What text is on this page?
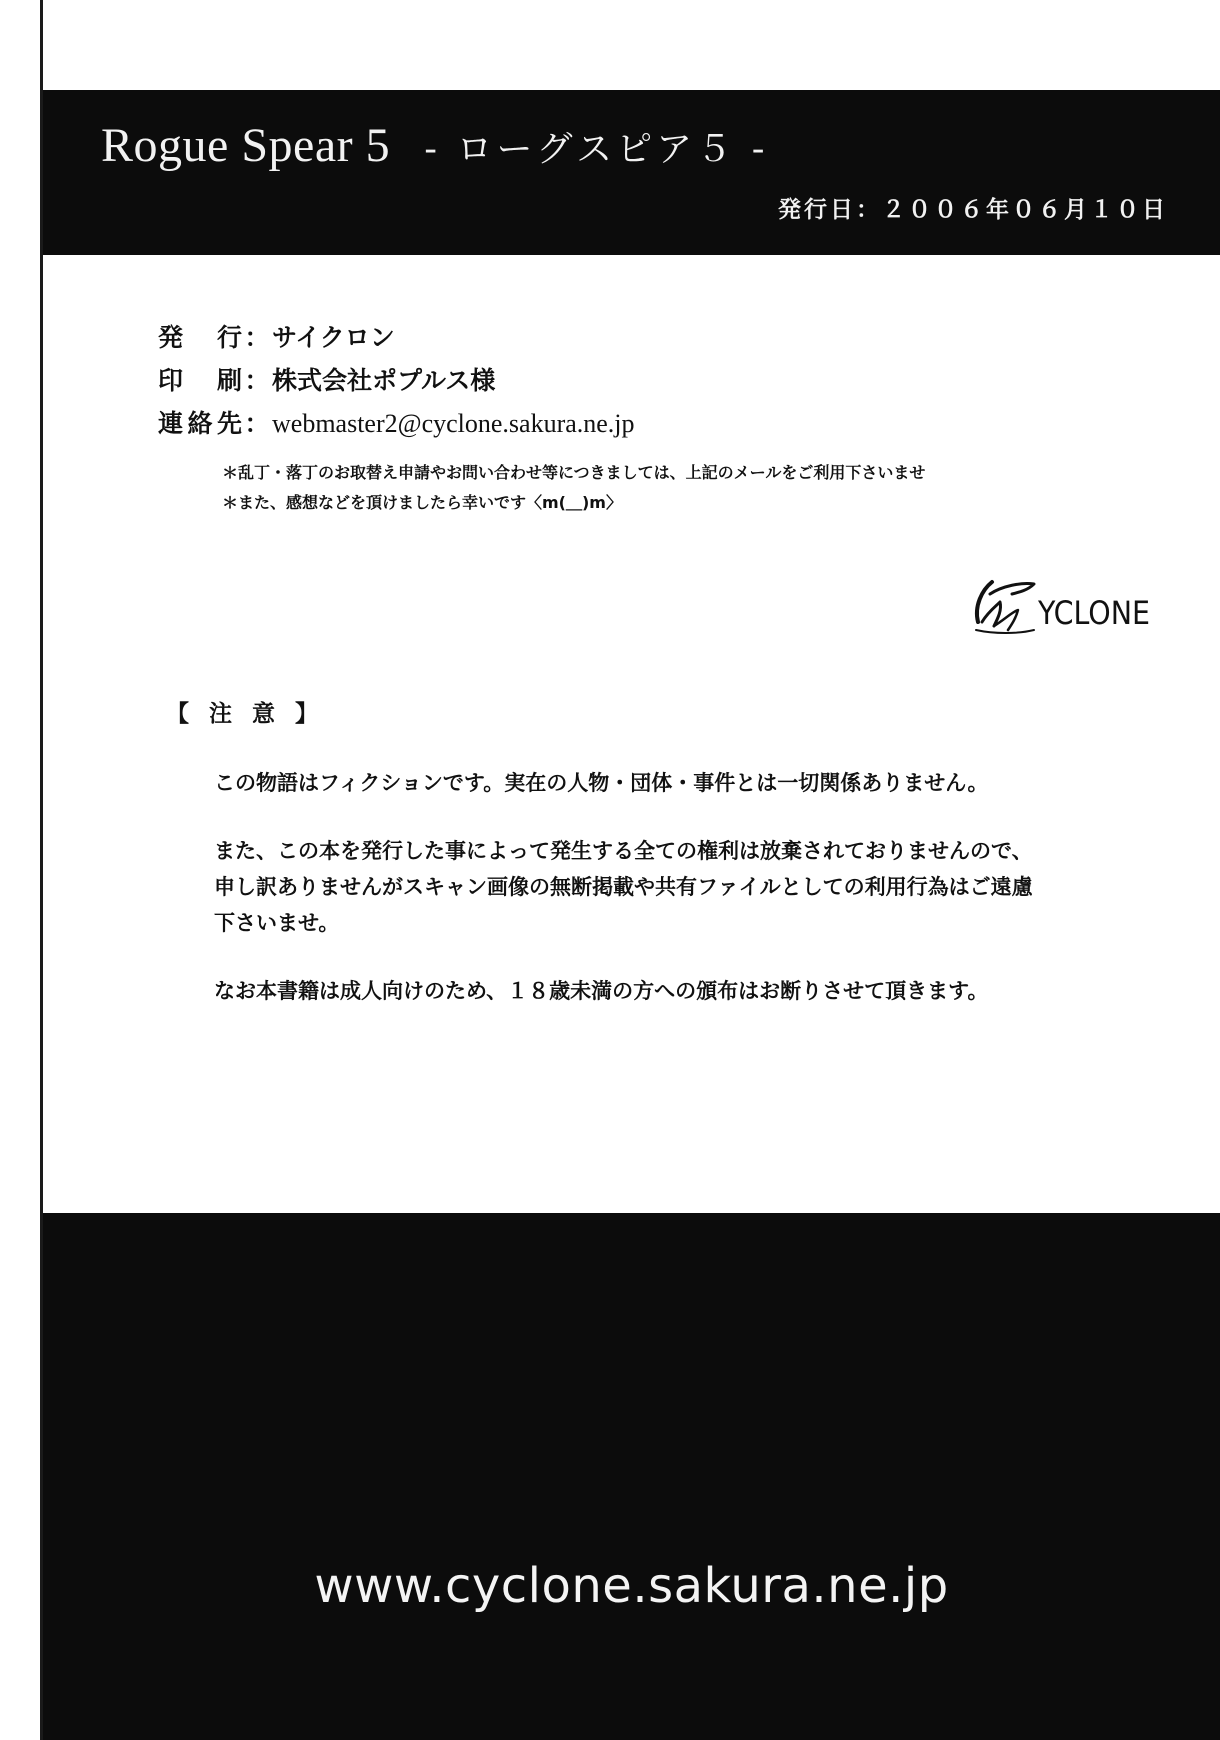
Rogue Spear 5 - ローグスピア５ -
発行日：２００６年０６月１０日
発行 ： サイクロン
印刷 ： 株式会社ポプルス様
連絡先 ： webmaster2@cyclone.sakura.ne.jp
＊乱丁・落丁のお取替え申請やお問い合わせ等につきましては、上記のメールをご利用下さいませ
＊また、感想などを頂けましたら幸いです〈m(＿)m〉
YCLONE
【 注 意 】

この物語はフィクションです。実在の人物・団体・事件とは一切関係ありません。

また、この本を発行した事によって発生する全ての権利は放棄されておりませんので、
申し訳ありませんがスキャン画像の無断掲載や共有ファイルとしての利用行為はご遠慮
下さいませ。

なお本書籍は成人向けのため、１８歳未満の方への頒布はお断りさせて頂きます。

www.cyclone.sakura.ne.jp
